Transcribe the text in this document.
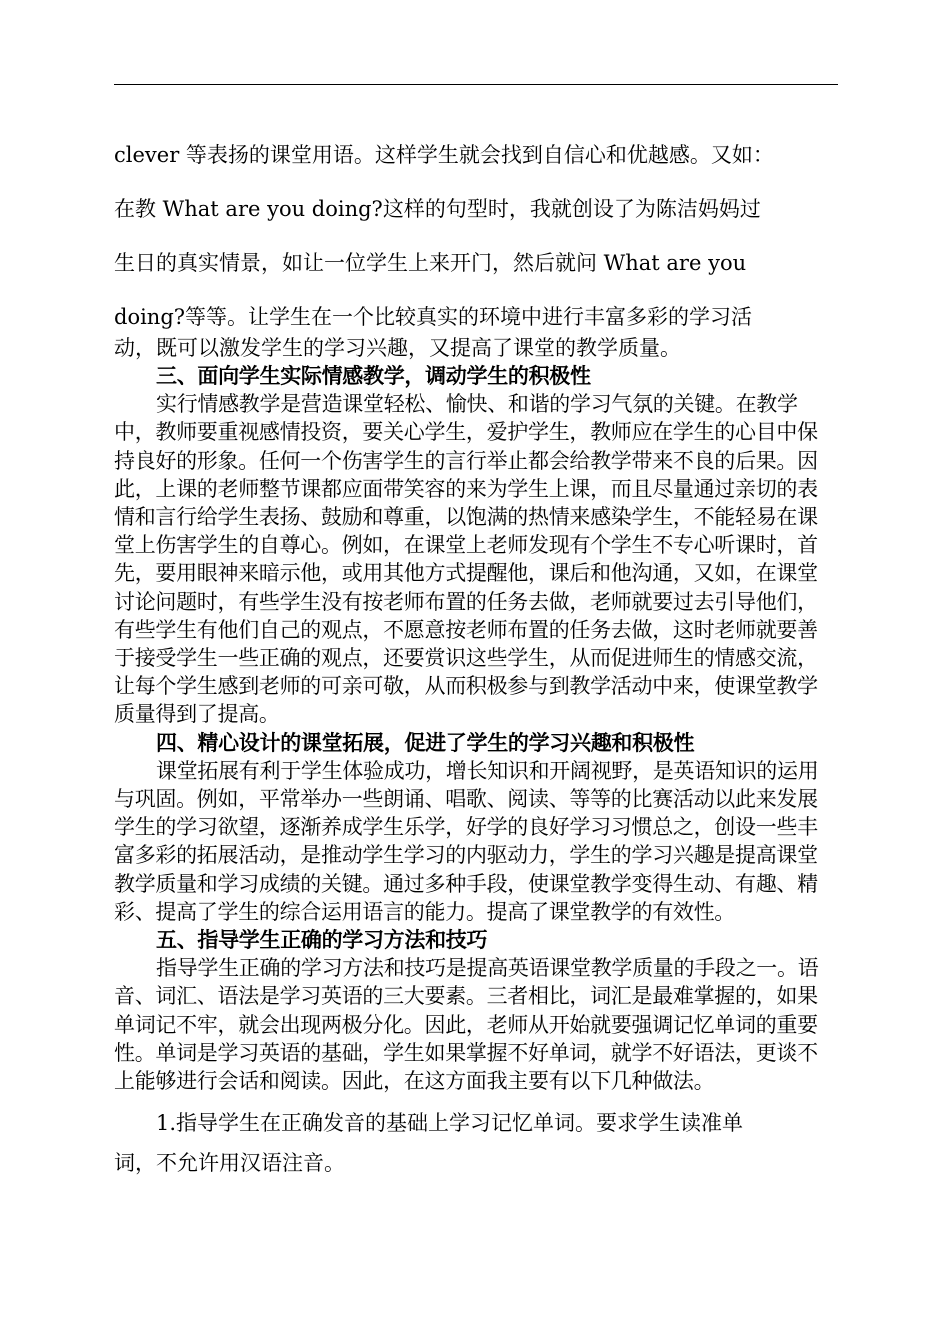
clever 等表扬的课堂用语。这样学生就会找到自信心和优越感。又如：

在教 What are you doing?这样的句型时，我就创设了为陈洁妈妈过

生日的真实情景，如让一位学生上来开门，然后就问 What are you

doing?等等。让学生在一个比较真实的环境中进行丰富多彩的学习活

动，既可以激发学生的学习兴趣，又提高了课堂的教学质量。

三、面向学生实际情感教学，调动学生的积极性

实行情感教学是营造课堂轻松、愉快、和谐的学习气氛的关键。在教学中，教师要重视感情投资，要关心学生，爱护学生，教师应在学生的心目中保持良好的形象。任何一个伤害学生的言行举止都会给教学带来不良的后果。因此，上课的老师整节课都应面带笑容的来为学生上课，而且尽量通过亲切的表情和言行给学生表扬、鼓励和尊重，以饱满的热情来感染学生，不能轻易在课堂上伤害学生的自尊心。例如，在课堂上老师发现有个学生不专心听课时，首先，要用眼神来暗示他，或用其他方式提醒他，课后和他沟通，又如，在课堂讨论问题时，有些学生没有按老师布置的任务去做，老师就要过去引导他们，有些学生有他们自己的观点，不愿意按老师布置的任务去做，这时老师就要善于接受学生一些正确的观点，还要赏识这些学生，从而促进师生的情感交流，让每个学生感到老师的可亲可敬，从而积极参与到教学活动中来，使课堂教学质量得到了提高。

四、精心设计的课堂拓展，促进了学生的学习兴趣和积极性

课堂拓展有利于学生体验成功，增长知识和开阔视野，是英语知识的运用与巩固。例如，平常举办一些朗诵、唱歌、阅读、等等的比赛活动以此来发展学生的学习欲望，逐渐养成学生乐学，好学的良好学习习惯总之，创设一些丰富多彩的拓展活动，是推动学生学习的内驱动力，学生的学习兴趣是提高课堂教学质量和学习成绩的关键。通过多种手段，使课堂教学变得生动、有趣、精彩、提高了学生的综合运用语言的能力。提高了课堂教学的有效性。

五、指导学生正确的学习方法和技巧

指导学生正确的学习方法和技巧是提高英语课堂教学质量的手段之一。语音、词汇、语法是学习英语的三大要素。三者相比，词汇是最难掌握的，如果单词记不牢，就会出现两极分化。因此，老师从开始就要强调记忆单词的重要性。单词是学习英语的基础，学生如果掌握不好单词，就学不好语法，更谈不上能够进行会话和阅读。因此，在这方面我主要有以下几种做法。

1.指导学生在正确发音的基础上学习记忆单词。要求学生读准单

词，不允许用汉语注音。
